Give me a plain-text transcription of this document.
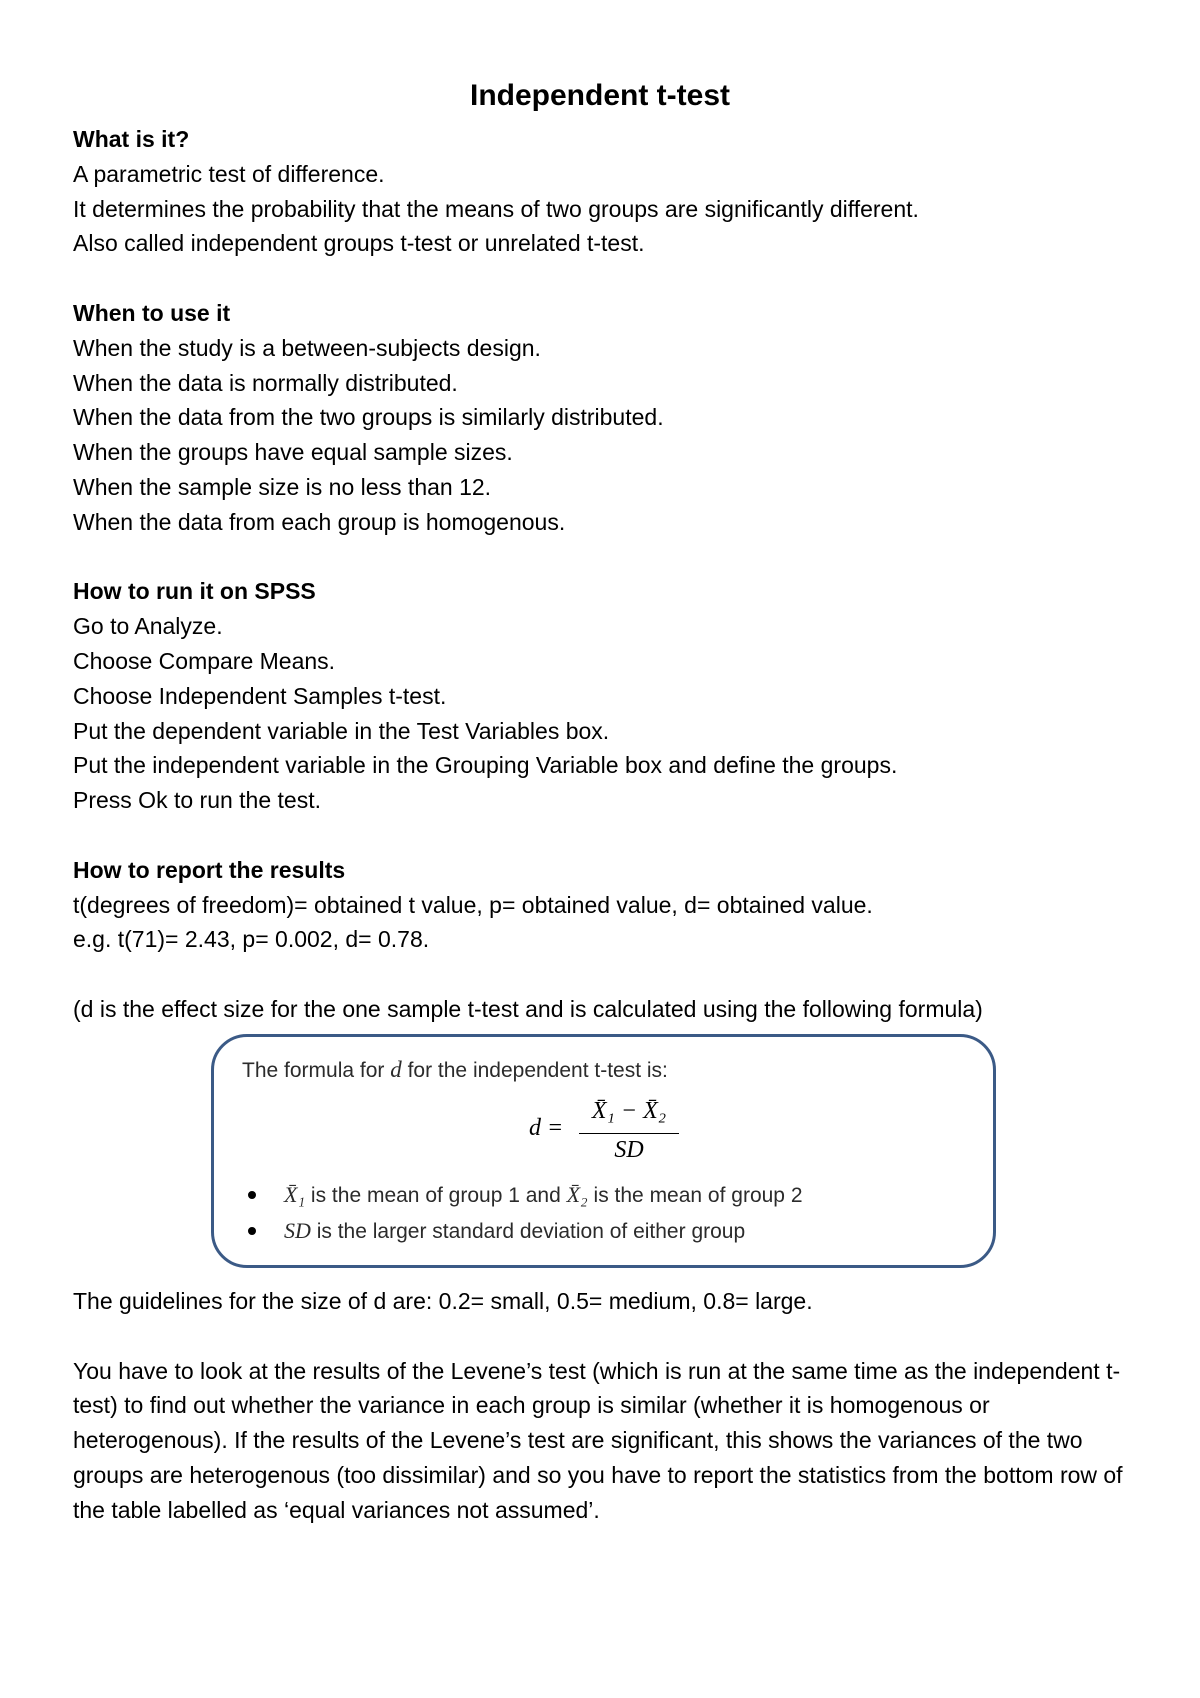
Independent t-test
What is it?
A parametric test of difference.
It determines the probability that the means of two groups are significantly different.
Also called independent groups t-test or unrelated t-test.
When to use it
When the study is a between-subjects design.
When the data is normally distributed.
When the data from the two groups is similarly distributed.
When the groups have equal sample sizes.
When the sample size is no less than 12.
When the data from each group is homogenous.
How to run it on SPSS
Go to Analyze.
Choose Compare Means.
Choose Independent Samples t-test.
Put the dependent variable in the Test Variables box.
Put the independent variable in the Grouping Variable box and define the groups.
Press Ok to run the test.
How to report the results
t(degrees of freedom)= obtained t value, p= obtained value, d= obtained value.
e.g. t(71)= 2.43, p= 0.002, d= 0.78.
(d is the effect size for the one sample t-test and is calculated using the following formula)
The formula for d for the independent t-test is:
d =
X̄₁ − X̄₂
SD
X̄₁ is the mean of group 1 and X̄₂ is the mean of group 2
SD is the larger standard deviation of either group
The guidelines for the size of d are: 0.2= small, 0.5= medium, 0.8= large.
You have to look at the results of the Levene’s test (which is run at the same time as the independent t-test) to find out whether the variance in each group is similar (whether it is homogenous or heterogenous). If the results of the Levene’s test are significant, this shows the variances of the two groups are heterogenous (too dissimilar) and so you have to report the statistics from the bottom row of the table labelled as ‘equal variances not assumed’.
